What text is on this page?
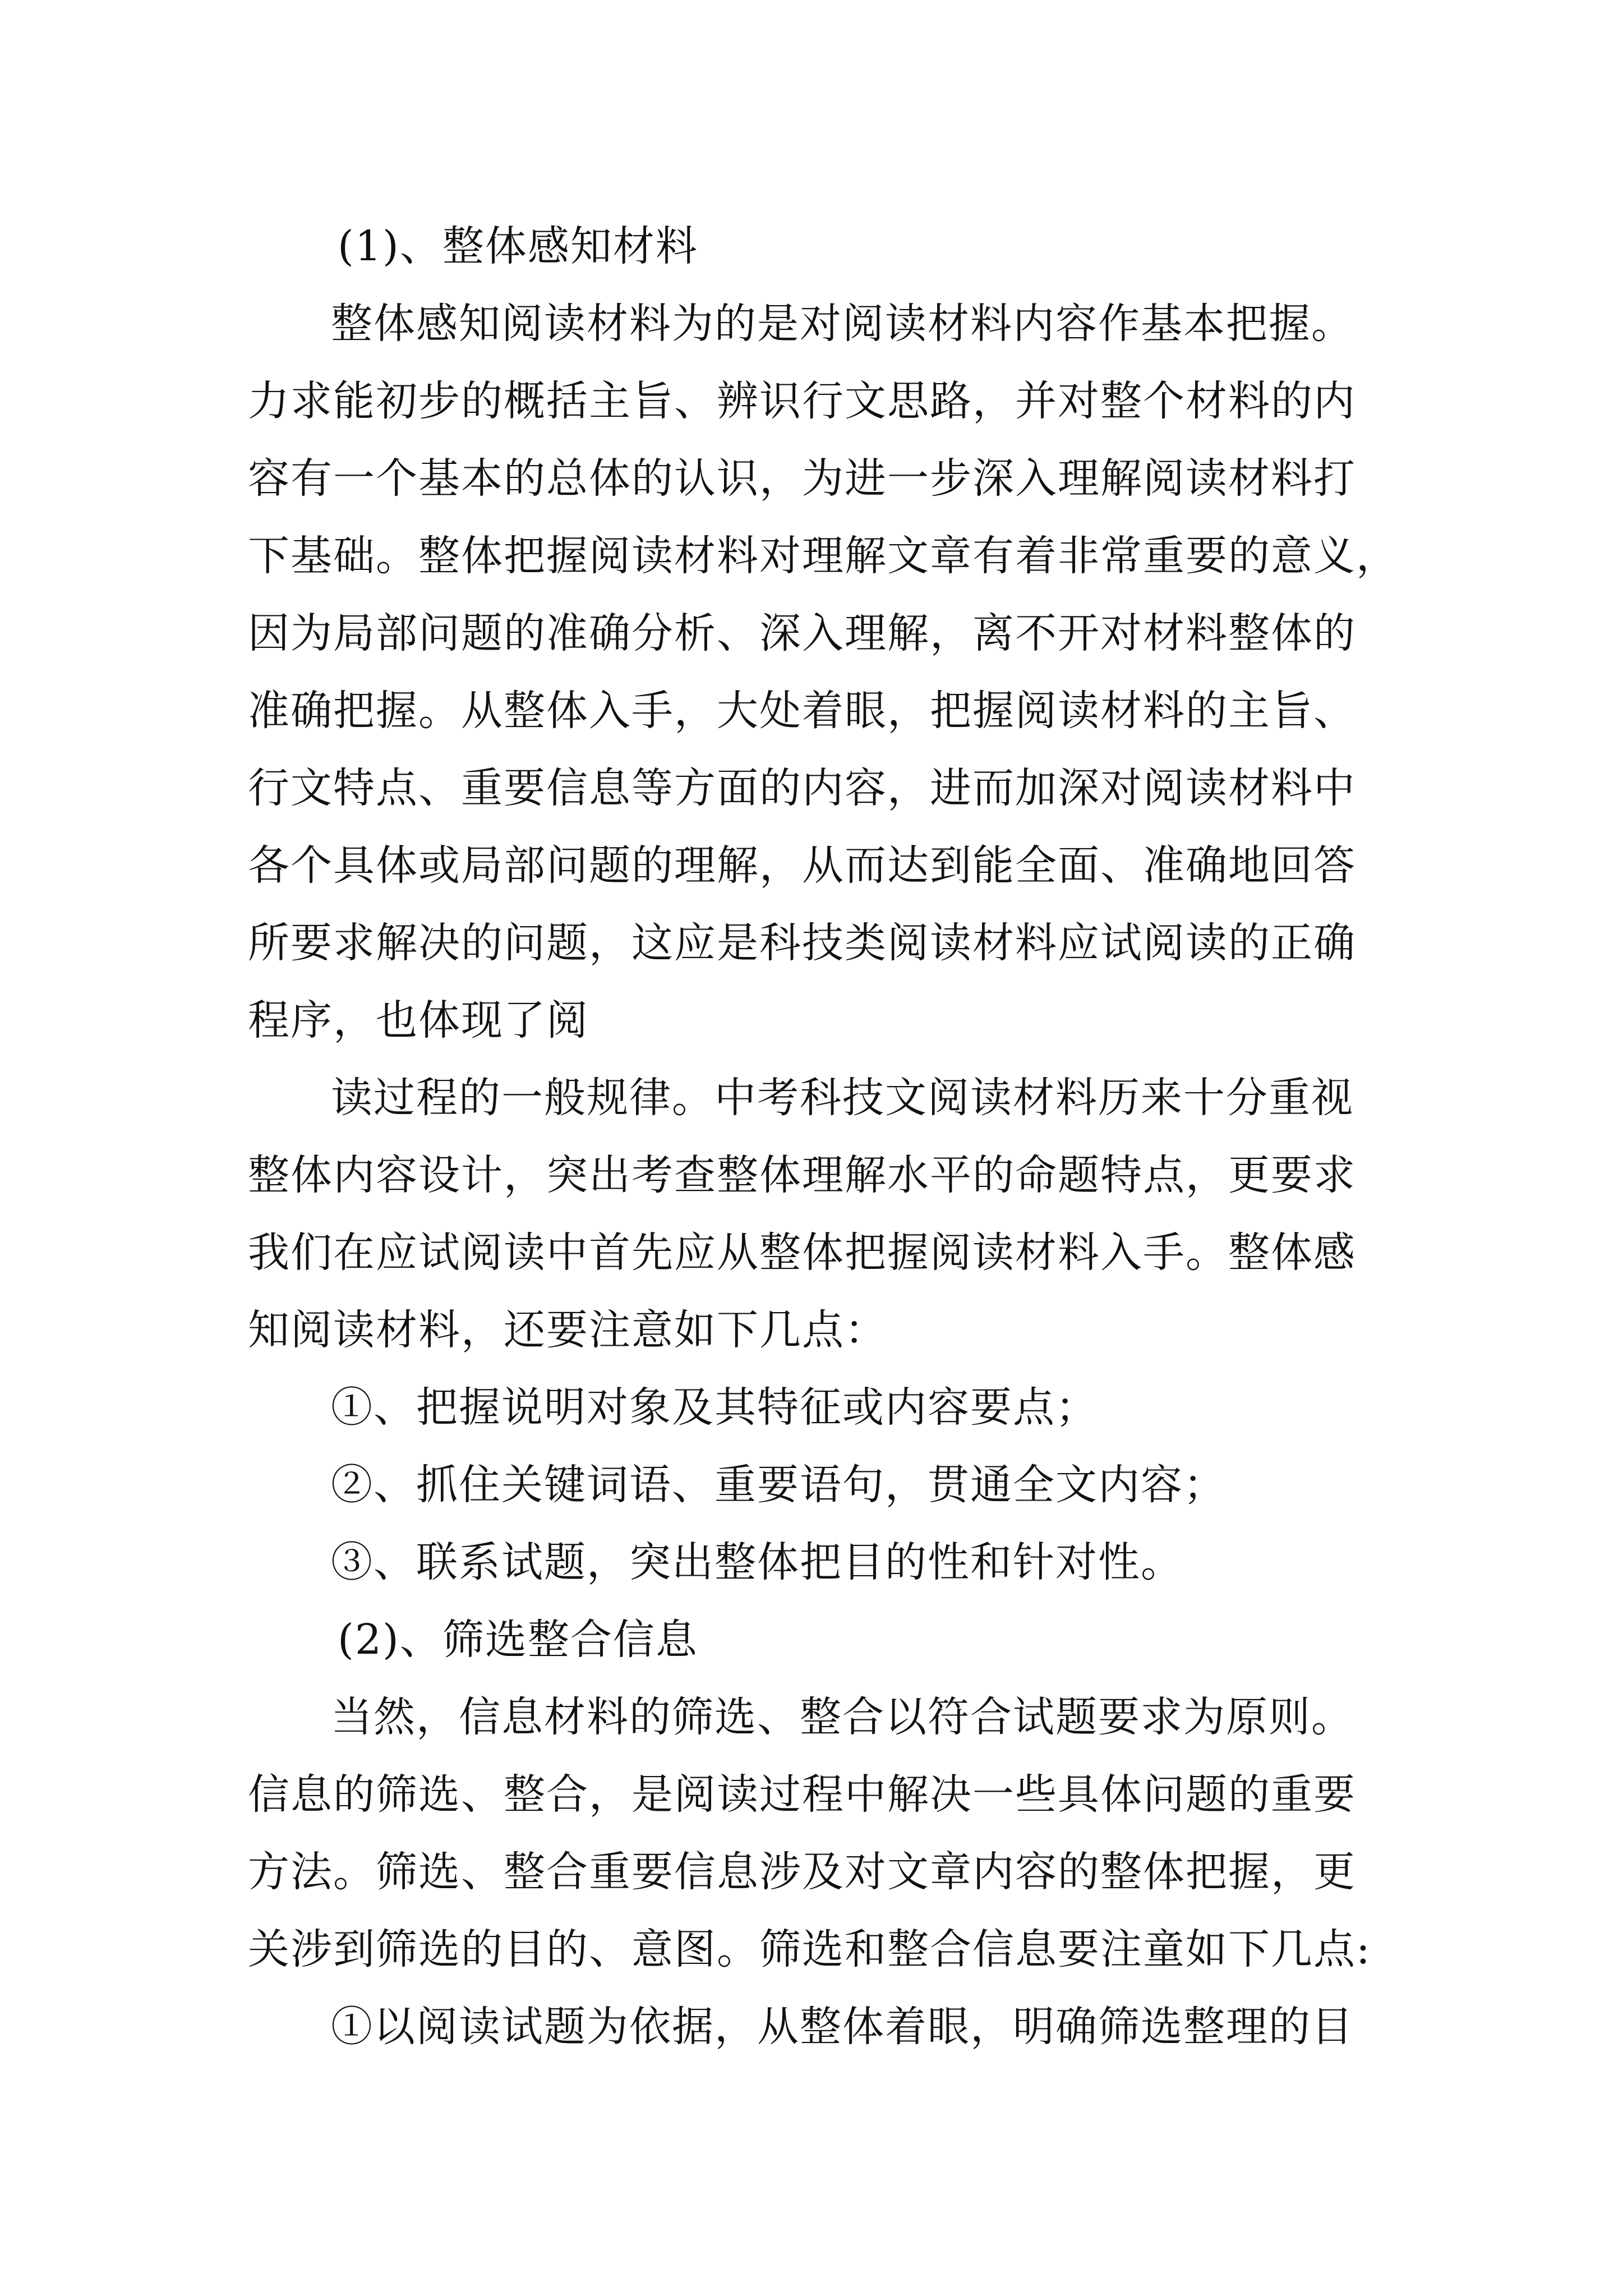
(1)、整体感知材料
整体感知阅读材料为的是对阅读材料内容作基本把握。
力求能初步的概括主旨、辨识行文思路，并对整个材料的内
容有一个基本的总体的认识，为进一步深入理解阅读材料打
下基础。整体把握阅读材料对理解文章有着非常重要的意义，
因为局部问题的准确分析、深入理解，离不开对材料整体的
准确把握。从整体入手，大处着眼，把握阅读材料的主旨、
行文特点、重要信息等方面的内容，进而加深对阅读材料中
各个具体或局部问题的理解，从而达到能全面、准确地回答
所要求解决的问题，这应是科技类阅读材料应试阅读的正确
程序，也体现了阅
读过程的一般规律。中考科技文阅读材料历来十分重视
整体内容设计，突出考查整体理解水平的命题特点，更要求
我们在应试阅读中首先应从整体把握阅读材料入手。整体感
知阅读材料，还要注意如下几点：
①、把握说明对象及其特征或内容要点；
②、抓住关键词语、重要语句，贯通全文内容；
③、联系试题，突出整体把目的性和针对性。
(2)、筛选整合信息
当然，信息材料的筛选、整合以符合试题要求为原则。
信息的筛选、整合，是阅读过程中解决一些具体问题的重要
方法。筛选、整合重要信息涉及对文章内容的整体把握，更
关涉到筛选的目的、意图。筛选和整合信息要注童如下几点:
①以阅读试题为依据，从整体着眼，明确筛选整理的目
